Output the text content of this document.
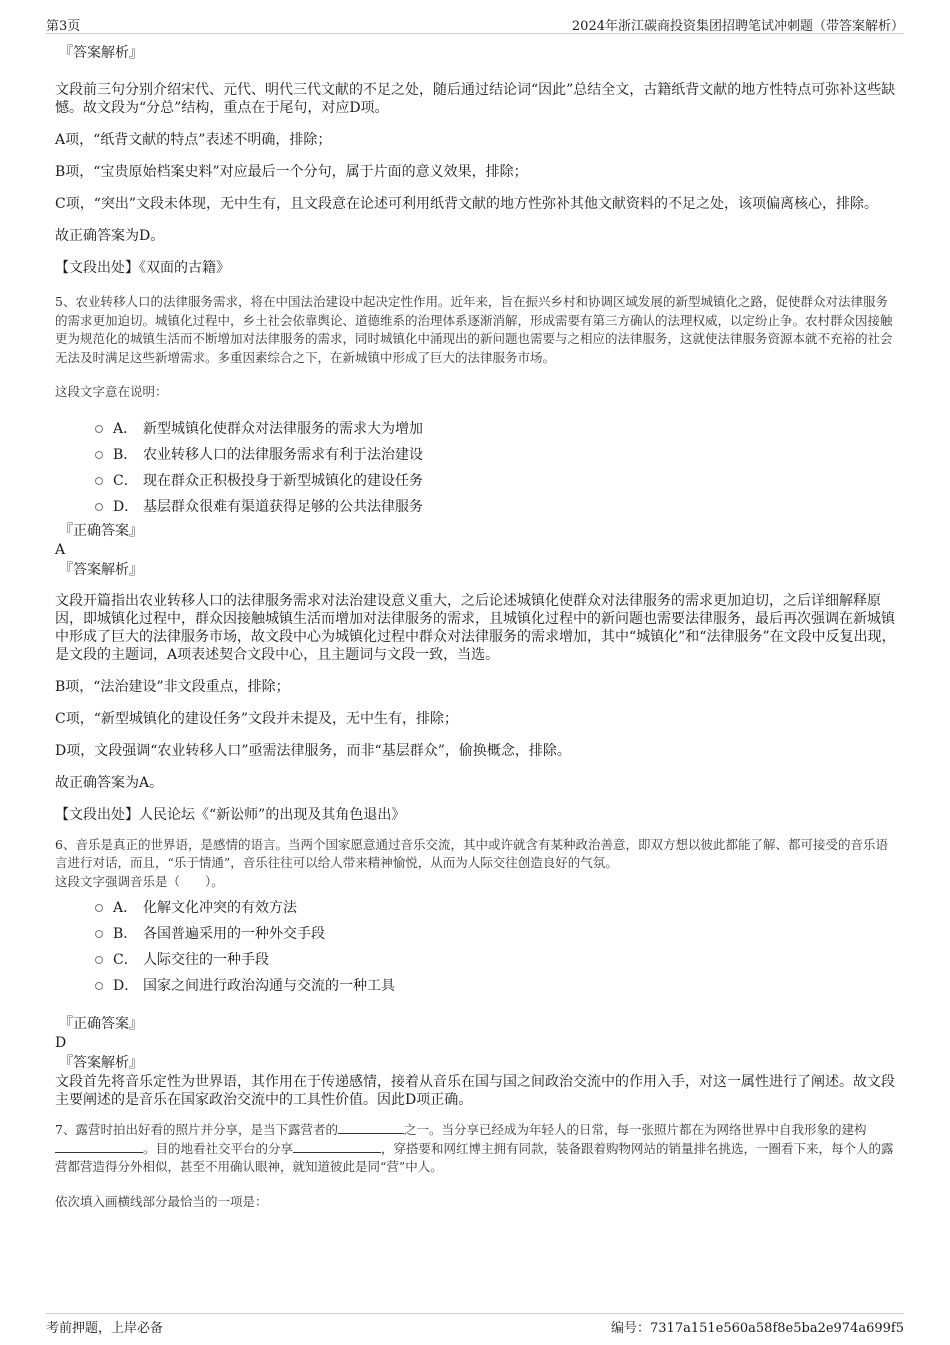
第3页	2024年浙江碳商投资集团招聘笔试冲刺题（带答案解析）

『答案解析』

文段前三句分别介绍宋代、元代、明代三代文献的不足之处，随后通过结论词“因此”总结全文，古籍纸背文献的地方性特点可弥补这些缺憾。故文段为“分总”结构，重点在于尾句，对应D项。

A项，“纸背文献的特点”表述不明确，排除；

B项，“宝贵原始档案史料”对应最后一个分句，属于片面的意义效果，排除；

C项，“突出”文段未体现，无中生有，且文段意在论述可利用纸背文献的地方性弥补其他文献资料的不足之处，该项偏离核心，排除。

故正确答案为D。

【文段出处】《双面的古籍》

5、农业转移人口的法律服务需求，将在中国法治建设中起决定性作用。近年来，旨在振兴乡村和协调区域发展的新型城镇化之路，促使群众对法律服务的需求更加迫切。城镇化过程中，乡土社会依靠舆论、道德维系的治理体系逐渐消解，形成需要有第三方确认的法理权威，以定纷止争。农村群众因接触更为规范化的城镇生活而不断增加对法律服务的需求，同时城镇化中涌现出的新问题也需要与之相应的法律服务，这就使法律服务资源本就不充裕的社会无法及时满足这些新增需求。多重因素综合之下，在新城镇中形成了巨大的法律服务市场。

这段文字意在说明：

A． 新型城镇化使群众对法律服务的需求大为增加
B． 农业转移人口的法律服务需求有利于法治建设
C． 现在群众正积极投身于新型城镇化的建设任务
D． 基层群众很难有渠道获得足够的公共法律服务

『正确答案』

A

『答案解析』

文段开篇指出农业转移人口的法律服务需求对法治建设意义重大，之后论述城镇化使群众对法律服务的需求更加迫切，之后详细解释原因，即城镇化过程中，群众因接触城镇生活而增加对法律服务的需求，且城镇化过程中的新问题也需要法律服务，最后再次强调在新城镇中形成了巨大的法律服务市场，故文段中心为城镇化过程中群众对法律服务的需求增加，其中“城镇化”和“法律服务”在文段中反复出现，是文段的主题词，A项表述契合文段中心，且主题词与文段一致，当选。

B项，“法治建设”非文段重点，排除；

C项，“新型城镇化的建设任务”文段并未提及，无中生有，排除；

D项，文段强调“农业转移人口”亟需法律服务，而非“基层群众”，偷换概念，排除。

故正确答案为A。

【文段出处】人民论坛《“新讼师”的出现及其角色退出》

6、音乐是真正的世界语，是感情的语言。当两个国家愿意通过音乐交流，其中或许就含有某种政治善意，即双方想以彼此都能了解、都可接受的音乐语言进行对话，而且，“乐于情通”，音乐往往可以给人带来精神愉悦，从而为人际交往创造良好的气氛。

这段文字强调音乐是（　　）。

A． 化解文化冲突的有效方法
B． 各国普遍采用的一种外交手段
C． 人际交往的一种手段
D． 国家之间进行政治沟通与交流的一种工具

『正确答案』

D

『答案解析』

文段首先将音乐定性为世界语，其作用在于传递感情，接着从音乐在国与国之间政治交流中的作用入手，对这一属性进行了阐述。故文段主要阐述的是音乐在国家政治交流中的工具性价值。因此D项正确。

7、露营时拍出好看的照片并分享，是当下露营者的	之一。当分享已经成为年轻人的日常，每一张照片都在为网络世界中自我形象的建构。目的地看社交平台的分享	，穿搭要和网红博主拥有同款，装备跟着购物网站的销量排名挑选，一圈看下来，每个人的露营都营造得分外相似，甚至不用确认眼神，就知道彼此是同“营”中人。

依次填入画横线部分最恰当的一项是：

考前押题，上岸必备	编号：7317a151e560a58f8e5ba2e974a699f5
